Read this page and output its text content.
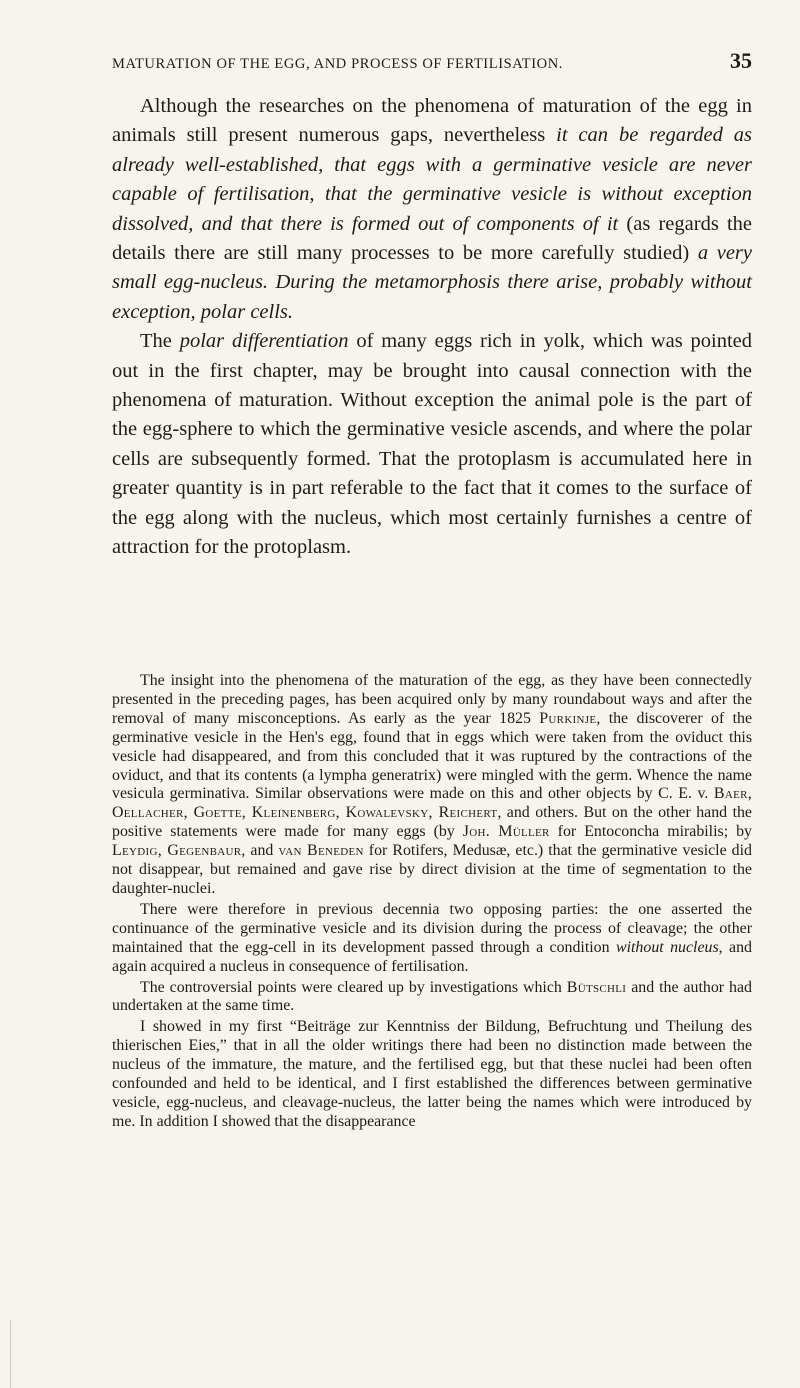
MATURATION OF THE EGG, AND PROCESS OF FERTILISATION.	35

Although the researches on the phenomena of maturation of the egg in animals still present numerous gaps, nevertheless it can be regarded as already well-established, that eggs with a germinative vesicle are never capable of fertilisation, that the germinative vesicle is without exception dissolved, and that there is formed out of components of it (as regards the details there are still many processes to be more carefully studied) a very small egg-nucleus. During the metamorphosis there arise, probably without exception, polar cells.

The polar differentiation of many eggs rich in yolk, which was pointed out in the first chapter, may be brought into causal connection with the phenomena of maturation. Without exception the animal pole is the part of the egg-sphere to which the germinative vesicle ascends, and where the polar cells are subsequently formed. That the protoplasm is accumulated here in greater quantity is in part referable to the fact that it comes to the surface of the egg along with the nucleus, which most certainly furnishes a centre of attraction for the protoplasm.

The insight into the phenomena of the maturation of the egg, as they have been connectedly presented in the preceding pages, has been acquired only by many roundabout ways and after the removal of many misconceptions. As early as the year 1825 Purkinje, the discoverer of the germinative vesicle in the Hen's egg, found that in eggs which were taken from the oviduct this vesicle had disappeared, and from this concluded that it was ruptured by the contractions of the oviduct, and that its contents (a lympha generatrix) were mingled with the germ. Whence the name vesicula germinativa. Similar observations were made on this and other objects by C. E. v. Baer, Oellacher, Goette, Kleinenberg, Kowalevsky, Reichert, and others. But on the other hand the positive statements were made for many eggs (by Joh. Müller for Entoconcha mirabilis; by Leydig, Gegenbaur, and van Beneden for Rotifers, Medusæ, etc.) that the germinative vesicle did not disappear, but remained and gave rise by direct division at the time of segmentation to the daughter-nuclei.

There were therefore in previous decennia two opposing parties: the one asserted the continuance of the germinative vesicle and its division during the process of cleavage; the other maintained that the egg-cell in its development passed through a condition without nucleus, and again acquired a nucleus in consequence of fertilisation.

The controversial points were cleared up by investigations which Bütschli and the author had undertaken at the same time.

I showed in my first “Beiträge zur Kenntniss der Bildung, Befruchtung und Theilung des thierischen Eies,” that in all the older writings there had been no distinction made between the nucleus of the immature, the mature, and the fertilised egg, but that these nuclei had been often confounded and held to be identical, and I first established the differences between germinative vesicle, egg-nucleus, and cleavage-nucleus, the latter being the names which were introduced by me. In addition I showed that the disappearance
